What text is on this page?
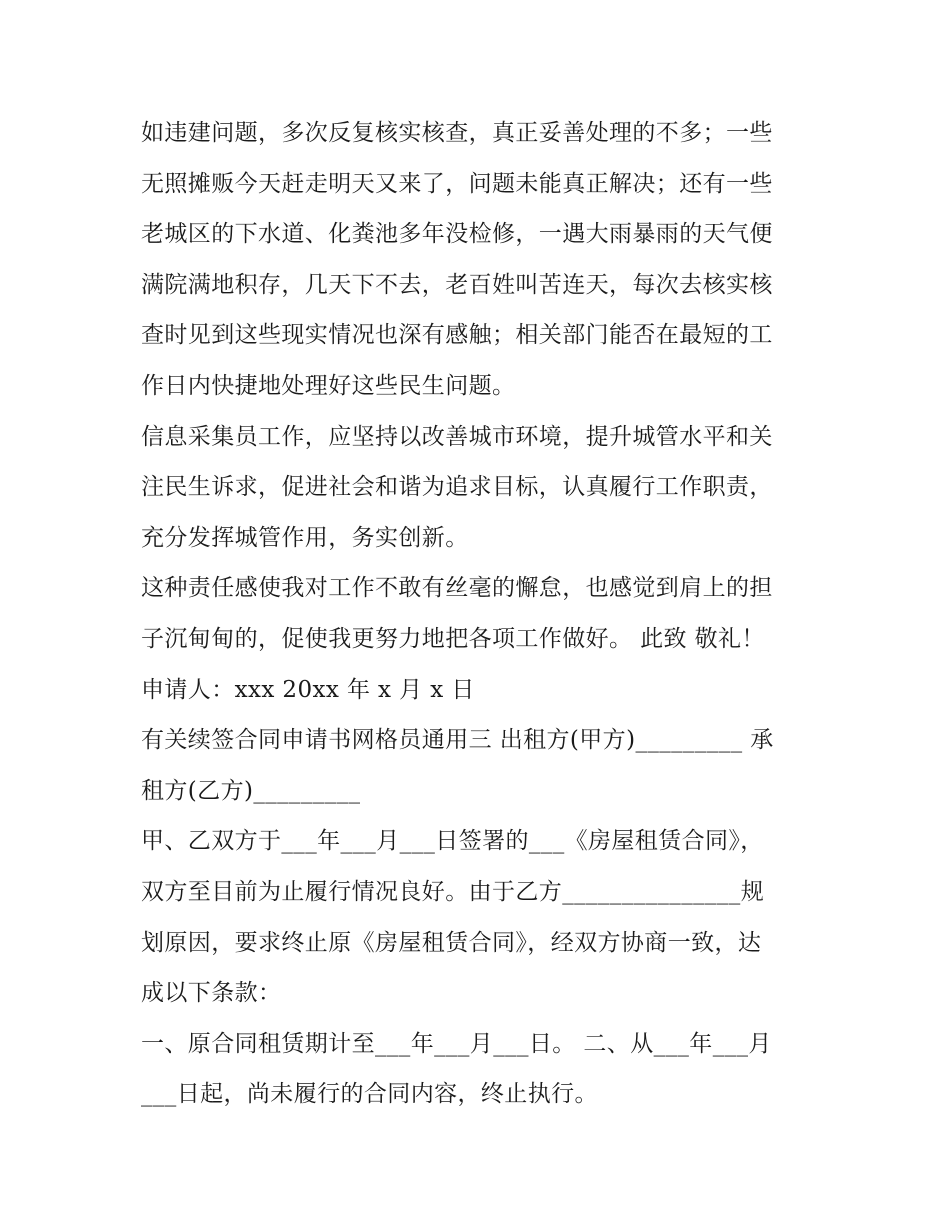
如违建问题，多次反复核实核查，真正妥善处理的不多；一些
无照摊贩今天赶走明天又来了，问题未能真正解决；还有一些
老城区的下水道、化粪池多年没检修，一遇大雨暴雨的天气便
满院满地积存，几天下不去，老百姓叫苦连天，每次去核实核
查时见到这些现实情况也深有感触；相关部门能否在最短的工
作日内快捷地处理好这些民生问题。
信息采集员工作，应坚持以改善城市环境，提升城管水平和关
注民生诉求，促进社会和谐为追求目标，认真履行工作职责，
充分发挥城管作用，务实创新。
这种责任感使我对工作不敢有丝毫的懈怠，也感觉到肩上的担
子沉甸甸的，促使我更努力地把各项工作做好。 此致 敬礼！
申请人：xxx 20xx 年 x 月 x 日
有关续签合同申请书网格员通用三 出租方(甲方)_________ 承
租方(乙方)_________
甲、乙双方于___年___月___日签署的___《房屋租赁合同》，
双方至目前为止履行情况良好。由于乙方_______________规
划原因，要求终止原《房屋租赁合同》，经双方协商一致，达
成以下条款：
一、原合同租赁期计至___年___月___日。 二、从___年___月
___日起，尚未履行的合同内容，终止执行。
